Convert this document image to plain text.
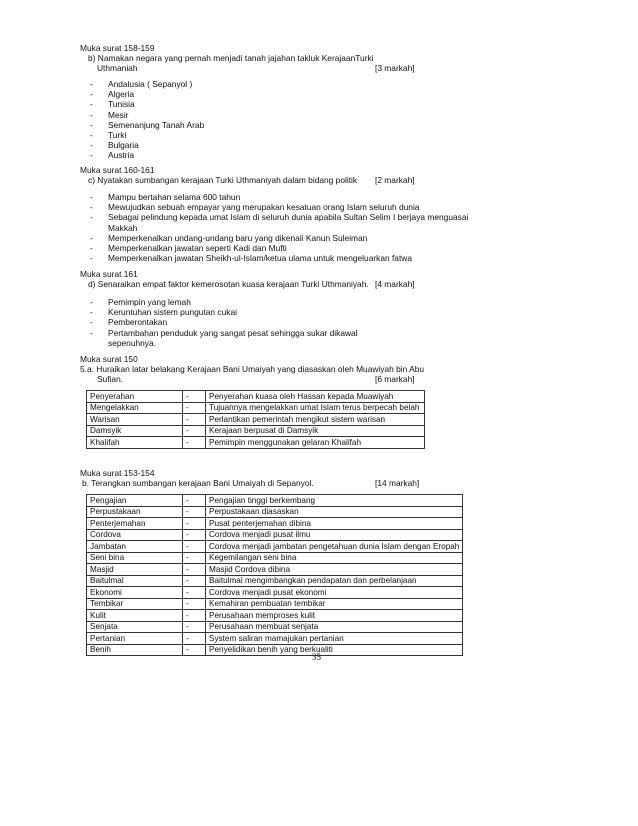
Muka surat 158-159
b) Namakan negara yang pernah menjadi tanah jajahan takluk KerajaanTurki
Uthmaniah	[3 markah]
-	Andalusia ( Sepanyol )
-	Algeria
-	Tunisia
-	Mesir
-	Semenanjung Tanah Arab
-	Turki
-	Bulgaria
-	Austria
Muka surat 160-161
c) Nyatakan sumbangan kerajaan Turki Uthmaniyah dalam bidang politik [2 markah]
-	Mampu bertahan selama 600 tahun
-	Mewujudkan sebuah empayar yang merupakan kesatuan orang Islam seluruh dunia
-	Sebagai pelindung kepada umat Islam di seluruh dunia apabila Sultan Selim I berjaya menguasai
Makkah
-	Memperkenalkan undang-undang baru yang dikenali Kanun Suleiman
-	Memperkenalkan jawatan seperti Kadi dan Mufti
-	Memperkenalkan jawatan Sheikh-ul-Islam/ketua ulama untuk mengeluarkan fatwa
Muka surat 161
d) Senaraikan empat faktor kemerosotan kuasa kerajaan Turki Uthmaniyah. [4 markah]
-	Pemimpin yang lemah
-	Keruntuhan sistem pungutan cukai
-	Pemberontakan
-	Pertambahan penduduk yang sangat pesat sehingga sukar dikawal
sepenuhnya.
Muka surat 150
5.a. Huraikan latar belakang Kerajaan Bani Umaiyah yang diasaskan oleh Muawiyah bin Abu
Sufian.	[6 markah]
Penyerahan	-	Penyerahan kuasa oleh Hassan kepada Muawiyah
Mengelakkan	-	Tujuannya mengelakkan umat Islam terus berpecah belah
Warisan	-	Perlantikan pemerintah mengikut sistem warisan
Damsyik	-	Kerajaan berpusat di Damsyik
Khalifah	-	Pemimpin menggunakan gelaran Khalifah
Muka surat 153-154
b. Terangkan sumbangan kerajaan Bani Umaiyah di Sepanyol.	[14 markah]
Pengajian	-	Pengajian tinggi berkembang
Perpustakaan	-	Perpustakaan diasaskan
Penterjemahan	-	Pusat penterjemahan dibina
Cordova	-	Cordova menjadi pusat ilmu
Jambatan	-	Cordova menjadi jambatan pengetahuan dunia Islam dengan Eropah
Seni bina	-	Kegemilangan seni bina
Masjid	-	Masjid Cordova dibina
Baitulmal	-	Baitulmal mengimbangkan pendapatan dan perbelanjaan
Ekonomi	-	Cordova menjadi pusat ekonomi
Tembikar	-	Kemahiran pembuatan tembikar
Kulit	-	Perusahaan memproses kulit
Senjata	-	Perusahaan membuat senjata
Pertanian	-	System saliran mamajukan pertanian
Benih	-	Penyelidikan benih yang berkualiti
35
